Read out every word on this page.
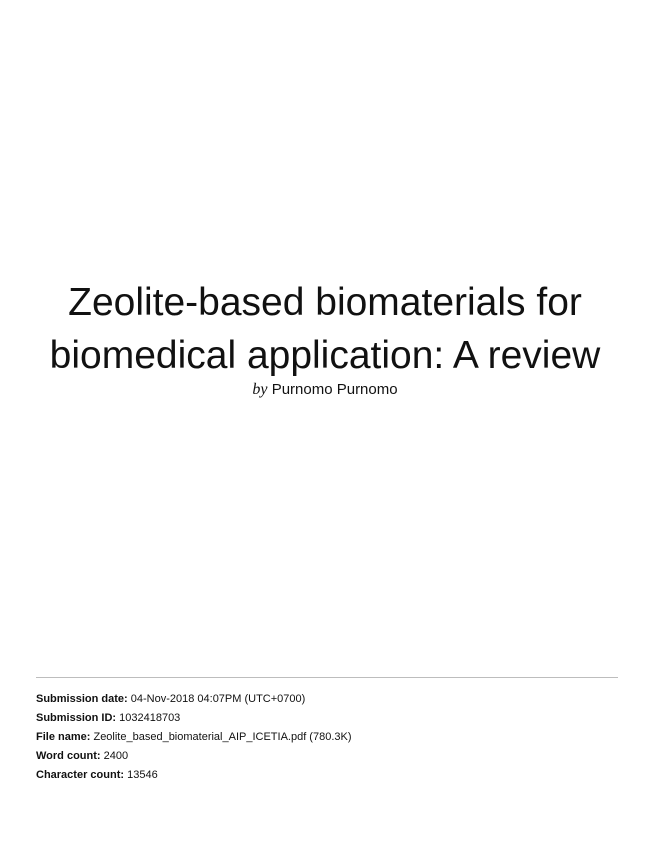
Zeolite-based biomaterials for
biomedical application: A review
by Purnomo Purnomo
Submission date: 04-Nov-2018 04:07PM (UTC+0700)
Submission ID: 1032418703
File name: Zeolite_based_biomaterial_AIP_ICETIA.pdf (780.3K)
Word count: 2400
Character count: 13546
